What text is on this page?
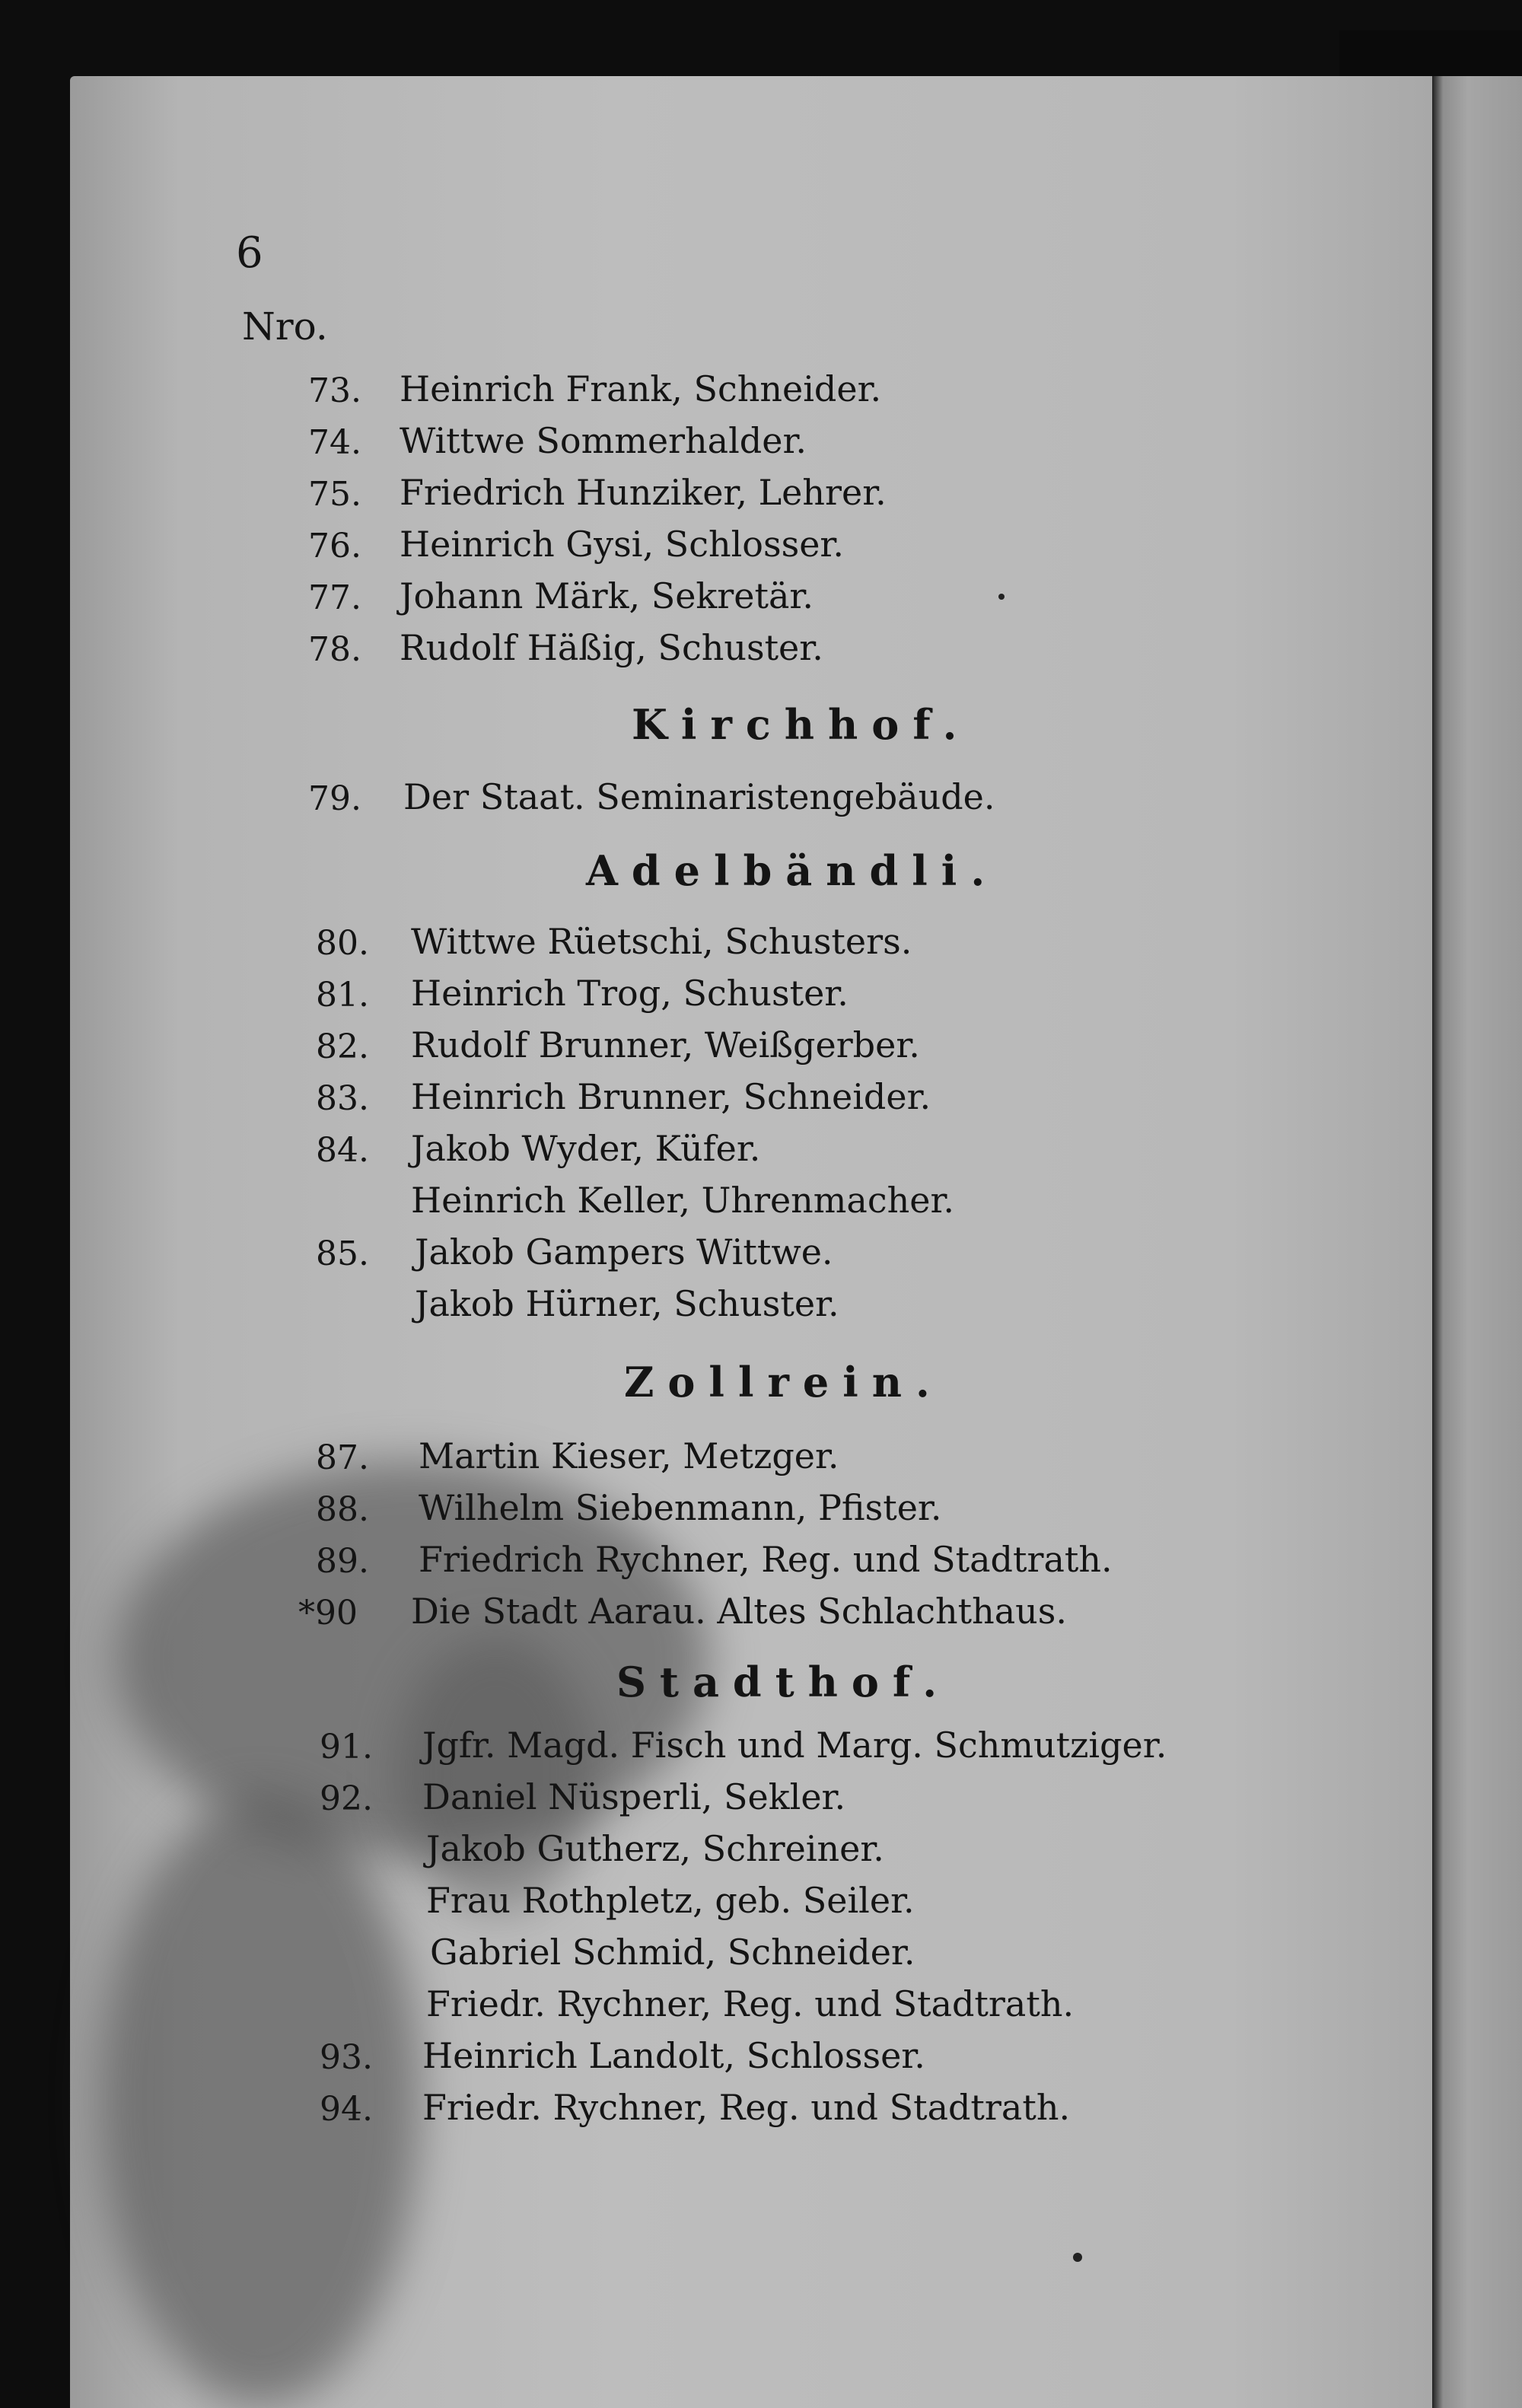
6
Nro.
73. Heinrich Frank, Schneider.
74. Wittwe Sommerhalder.
75. Friedrich Hunziker, Lehrer.
76. Heinrich Gysi, Schlosser.
77. Johann Märk, Sekretär.
78. Rudolf Häßig, Schuster.
Kirchhof.
79. Der Staat. Seminaristengebäude.
Adelbändli.
80. Wittwe Rüetschi, Schusters.
81. Heinrich Trog, Schuster.
82. Rudolf Brunner, Weißgerber.
83. Heinrich Brunner, Schneider.
84. Jakob Wyder, Küfer.
Heinrich Keller, Uhrenmacher.
85. Jakob Gampers Wittwe.
Jakob Hürner, Schuster.
Zollrein.
87. Martin Kieser, Metzger.
88. Wilhelm Siebenmann, Pfister.
89. Friedrich Rychner, Reg. und Stadtrath.
*90 Die Stadt Aarau. Altes Schlachthaus.
Stadthof.
91. Jgfr. Magd. Fisch und Marg. Schmutziger.
92. Daniel Nüsperli, Sekler.
Jakob Gutherz, Schreiner.
Frau Rothpletz, geb. Seiler.
Gabriel Schmid, Schneider.
Friedr. Rychner, Reg. und Stadtrath.
93. Heinrich Landolt, Schlosser.
94. Friedr. Rychner, Reg. und Stadtrath.
